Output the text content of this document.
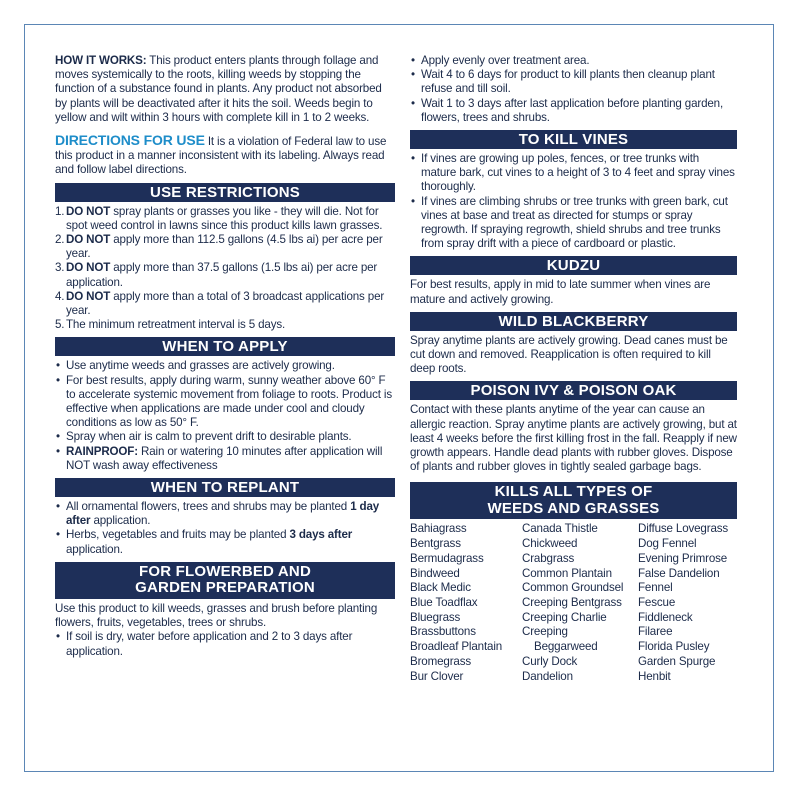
HOW IT WORKS: This product enters plants through follage and moves systemically to the roots, killing weeds by stopping the function of a substance found in plants. Any product not absorbed by plants will be deactivated after it hits the soil. Weeds begin to yellow and wilt within 3 hours with complete kill in 1 to 2 weeks.

DIRECTIONS FOR USE It is a violation of Federal law to use this product in a manner inconsistent with its labeling. Always read and follow label directions.

USE RESTRICTIONS
1. DO NOT spray plants or grasses you like - they will die. Not for spot weed control in lawns since this product kills lawn grasses.
2. DO NOT apply more than 112.5 gallons (4.5 lbs ai) per acre per year.
3. DO NOT apply more than 37.5 gallons (1.5 lbs ai) per acre per application.
4. DO NOT apply more than a total of 3 broadcast applications per year.
5. The minimum retreatment interval is 5 days.
WHEN TO APPLY
• Use anytime weeds and grasses are actively growing.
• For best results, apply during warm, sunny weather above 60° F to accelerate systemic movement from foliage to roots. Product is effective when applications are made under cool and cloudy conditions as low as 50° F.
• Spray when air is calm to prevent drift to desirable plants.
• RAINPROOF: Rain or watering 10 minutes after application will NOT wash away effectiveness
WHEN TO REPLANT
• All ornamental flowers, trees and shrubs may be planted 1 day after application.
• Herbs, vegetables and fruits may be planted 3 days after application.
FOR FLOWERBED AND
GARDEN PREPARATION

Use this product to kill weeds, grasses and brush before planting flowers, fruits, vegetables, trees or shrubs.

• If soil is dry, water before application and 2 to 3 days after application.
• Apply evenly over treatment area.
• Wait 4 to 6 days for product to kill plants then cleanup plant refuse and till soil.
• Wait 1 to 3 days after last application before planting garden, flowers, trees and shrubs.
TO KILL VINES
• If vines are growing up poles, fences, or tree trunks with mature bark, cut vines to a height of 3 to 4 feet and spray vines thoroughly.
• If vines are climbing shrubs or tree trunks with green bark, cut vines at base and treat as directed for stumps or spray regrowth. If spraying regrowth, shield shrubs and tree trunks from spray drift with a piece of cardboard or plastic.
KUDZU

For best results, apply in mid to late summer when vines are mature and actively growing.

WILD BLACKBERRY

Spray anytime plants are actively growing. Dead canes must be cut down and removed. Reapplication is often required to kill deep roots.

POISON IVY & POISON OAK

Contact with these plants anytime of the year can cause an allergic reaction. Spray anytime plants are actively growing, but at least 4 weeks before the first killing frost in the fall. Reapply if new growth appears. Handle dead plants with rubber gloves. Dispose of plants and rubber gloves in tightly sealed garbage bags.

KILLS ALL TYPES OF
WEEDS AND GRASSES
Bahiagrass
Bentgrass
Bermudagrass
Bindweed
Black Medic
Blue Toadflax
Bluegrass
Brassbuttons
Broadleaf Plantain
Bromegrass
Bur Clover
Canada Thistle
Chickweed
Crabgrass
Common Plantain
Common Groundsel
Creeping Bentgrass
Creeping Charlie
Creeping
Beggarweed
Curly Dock
Dandelion
Diffuse Lovegrass
Dog Fennel
Evening Primrose
False Dandelion
Fennel
Fescue
Fiddleneck
Filaree
Florida Pusley
Garden Spurge
Henbit
